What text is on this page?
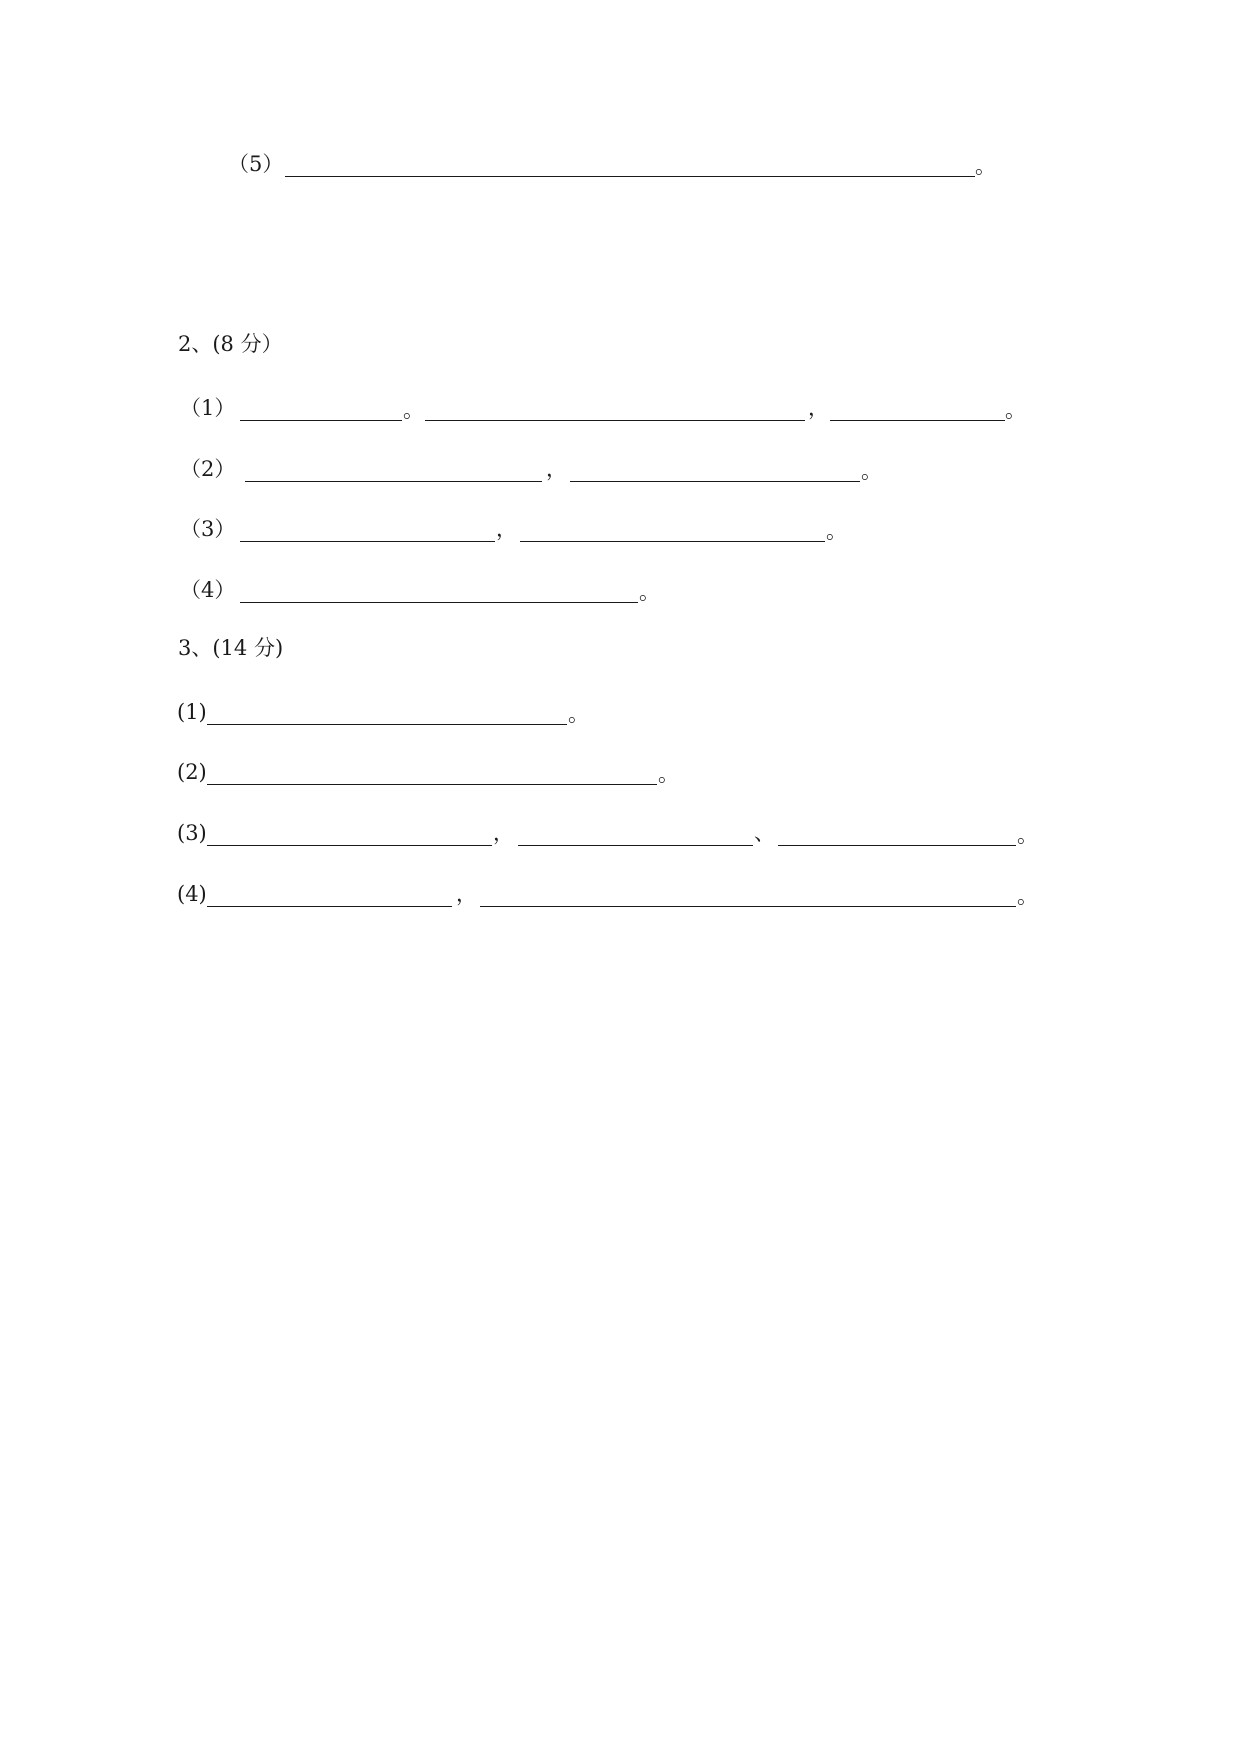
（5）	。
2、(8 分）
（1）	。	，	。
（2）	，	。
（3）	，	。
（4）	。
3、(14 分)
(1)	。
(2)	。
(3)	，	、	。
(4)	，	。
